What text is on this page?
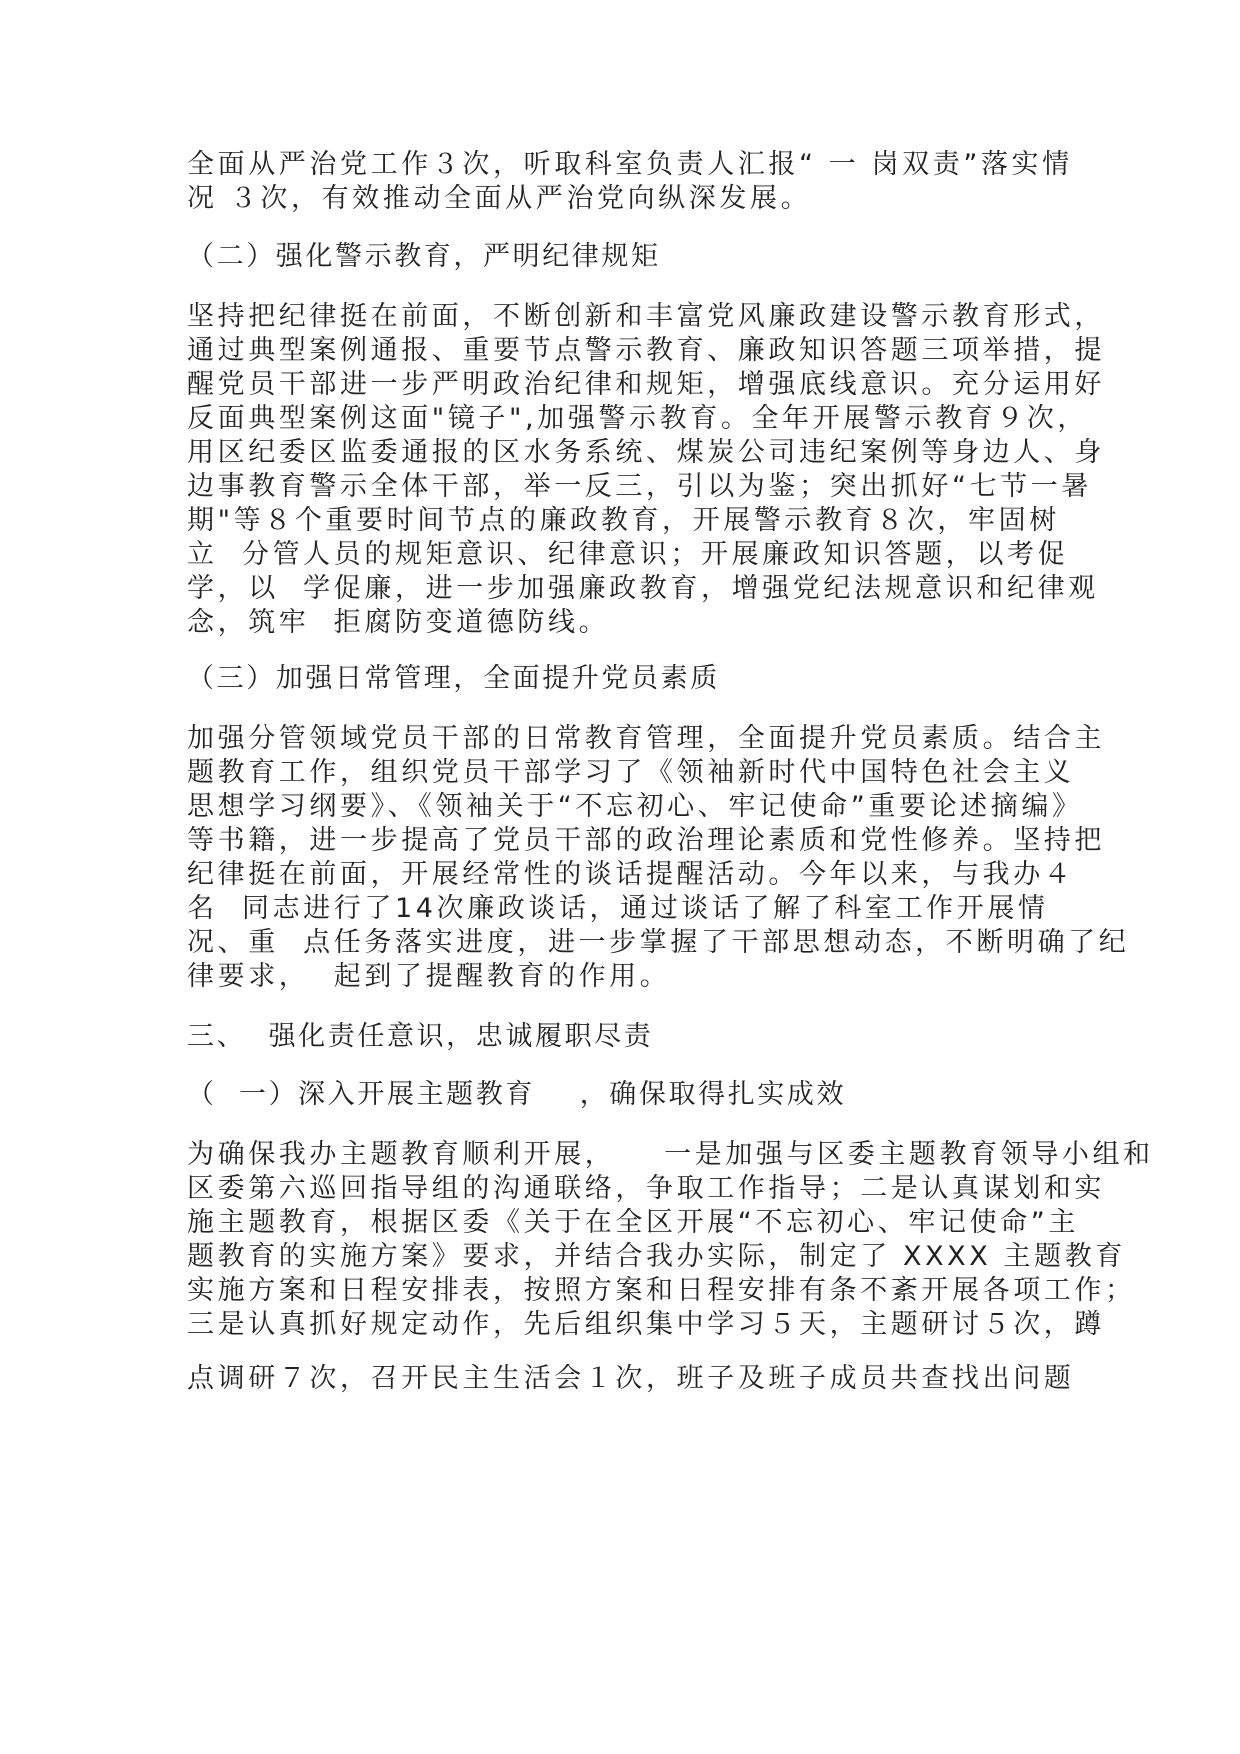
全面从严治党工作３次，听取科室负责人汇报“ 一 岗双责”落实情
况 ３次，有效推动全面从严治党向纵深发展。
（二）强化警示教育，严明纪律规矩
坚持把纪律挺在前面，不断创新和丰富党风廉政建设警示教育形式，
通过典型案例通报、重要节点警示教育、廉政知识答题三项举措，提
醒党员干部进一步严明政治纪律和规矩，增强底线意识。充分运用好
反面典型案例这面"镜子",加强警示教育。全年开展警示教育９次，
用区纪委区监委通报的区水务系统、煤炭公司违纪案例等身边人、身
边事教育警示全体干部，举一反三，引以为鉴；突出抓好“七节一暑
期"等８个重要时间节点的廉政教育，开展警示教育８次，牢固树
立  分管人员的规矩意识、纪律意识；开展廉政知识答题，以考促
学，以  学促廉，进一步加强廉政教育，增强党纪法规意识和纪律观
念，筑牢  拒腐防变道德防线。
（三）加强日常管理，全面提升党员素质
加强分管领域党员干部的日常教育管理，全面提升党员素质。结合主
题教育工作，组织党员干部学习了《领袖新时代中国特色社会主义
思想学习纲要》、《领袖关于“不忘初心、牢记使命”重要论述摘编》
等书籍，进一步提高了党员干部的政治理论素质和党性修养。坚持把
纪律挺在前面，开展经常性的谈话提醒活动。今年以来，与我办４
名  同志进行了14次廉政谈话，通过谈话了解了科室工作开展情
况、重  点任务落实进度，进一步掌握了干部思想动态，不断明确了纪
律要求，  起到了提醒教育的作用。
三、  强化责任意识，忠诚履职尽责
（  一）深入开展主题教育    ，确保取得扎实成效
为确保我办主题教育顺利开展，    一是加强与区委主题教育领导小组和
区委第六巡回指导组的沟通联络，争取工作指导；二是认真谋划和实
施主题教育，根据区委《关于在全区开展“不忘初心、牢记使命”主
题教育的实施方案》要求，并结合我办实际，制定了 XXXX 主题教育
实施方案和日程安排表，按照方案和日程安排有条不紊开展各项工作；
三是认真抓好规定动作，先后组织集中学习５天，主题研讨５次，蹲
点调研７次，召开民主生活会１次，班子及班子成员共查找出问题
